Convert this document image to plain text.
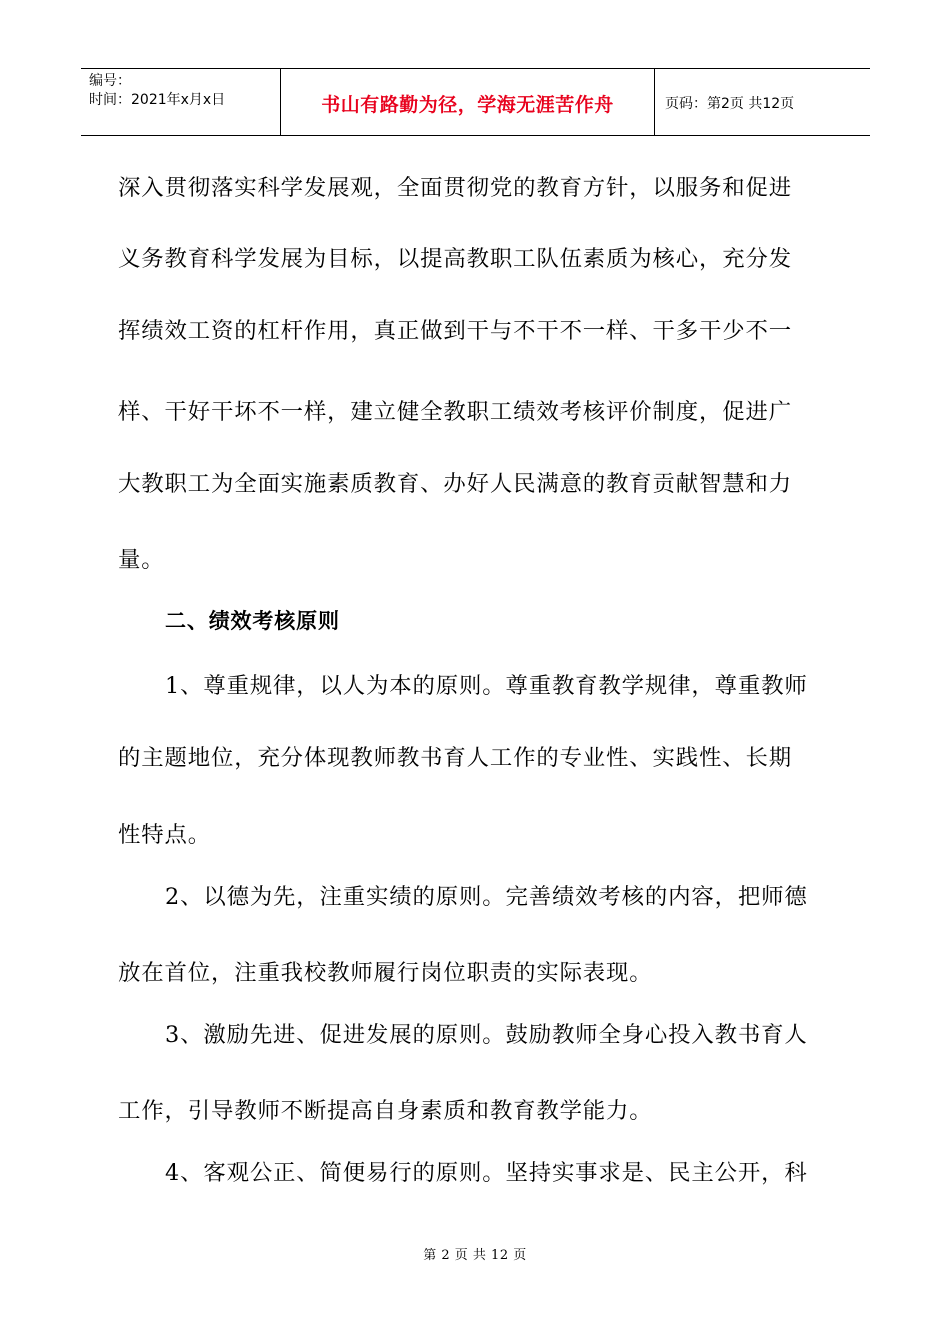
编号：
时间：2021年x月x日	书山有路勤为径，学海无涯苦作舟	页码：第2页 共12页
深入贯彻落实科学发展观，全面贯彻党的教育方针，以服务和促进
义务教育科学发展为目标，以提高教职工队伍素质为核心，充分发
挥绩效工资的杠杆作用，真正做到干与不干不一样、干多干少不一
样、干好干坏不一样，建立健全教职工绩效考核评价制度，促进广
大教职工为全面实施素质教育、办好人民满意的教育贡献智慧和力
量。
二、绩效考核原则
1、尊重规律，以人为本的原则。尊重教育教学规律，尊重教师
的主题地位，充分体现教师教书育人工作的专业性、实践性、长期
性特点。
2、以德为先，注重实绩的原则。完善绩效考核的内容，把师德
放在首位，注重我校教师履行岗位职责的实际表现。
3、激励先进、促进发展的原则。鼓励教师全身心投入教书育人
工作，引导教师不断提高自身素质和教育教学能力。
4、客观公正、简便易行的原则。坚持实事求是、民主公开，科
第 2 页 共 12 页
